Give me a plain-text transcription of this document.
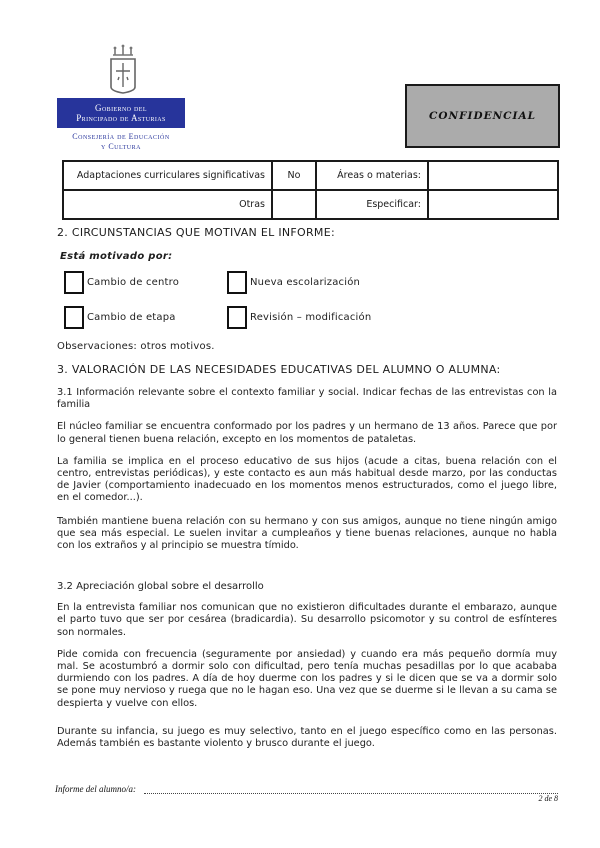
Gobierno del
Principado de Asturias
Consejería de Educación
y Cultura
CONFIDENCIAL
Adaptaciones curriculares significativas	No	Áreas o materias:	
Otras		Especificar:	
2. CIRCUNSTANCIAS QUE MOTIVAN EL INFORME:
Está motivado por:
Cambio de centro	Nueva escolarización
Cambio de etapa	Revisión – modificación
Observaciones: otros motivos.
3. VALORACIÓN DE LAS NECESIDADES EDUCATIVAS DEL ALUMNO O ALUMNA:
3.1 Información relevante sobre el contexto familiar y social. Indicar fechas de las entrevistas con la familia

El núcleo familiar se encuentra conformado por los padres y un hermano de 13 años. Parece que por lo general tienen buena relación, excepto en los momentos de pataletas.

La familia se implica en el proceso educativo de sus hijos (acude a citas, buena relación con el centro, entrevistas periódicas), y este contacto es aun más habitual desde marzo, por las conductas de Javier (comportamiento inadecuado en los momentos menos estructurados, como el juego libre, en el comedor...).

También mantiene buena relación con su hermano y con sus amigos, aunque no tiene ningún amigo que sea más especial. Le suelen invitar a cumpleaños y tiene buenas relaciones, aunque no habla con los extraños y al principio se muestra tímido.

3.2 Apreciación global sobre el desarrollo

En la entrevista familiar nos comunican que no existieron dificultades durante el embarazo, aunque el parto tuvo que ser por cesárea (bradicardia). Su desarrollo psicomotor y su control de esfínteres son normales.

Pide comida con frecuencia (seguramente por ansiedad) y cuando era más pequeño dormía muy mal. Se acostumbró a dormir solo con dificultad, pero tenía muchas pesadillas por lo que acababa durmiendo con los padres. A día de hoy duerme con los padres y si le dicen que se va a dormir solo se pone muy nervioso y ruega que no le hagan eso. Una vez que se duerme si le llevan a su cama se despierta y vuelve con ellos.

Durante su infancia, su juego es muy selectivo, tanto en el juego específico como en las personas. Además también es bastante violento y brusco durante el juego.

Informe del alumno/a:
2 de 8
